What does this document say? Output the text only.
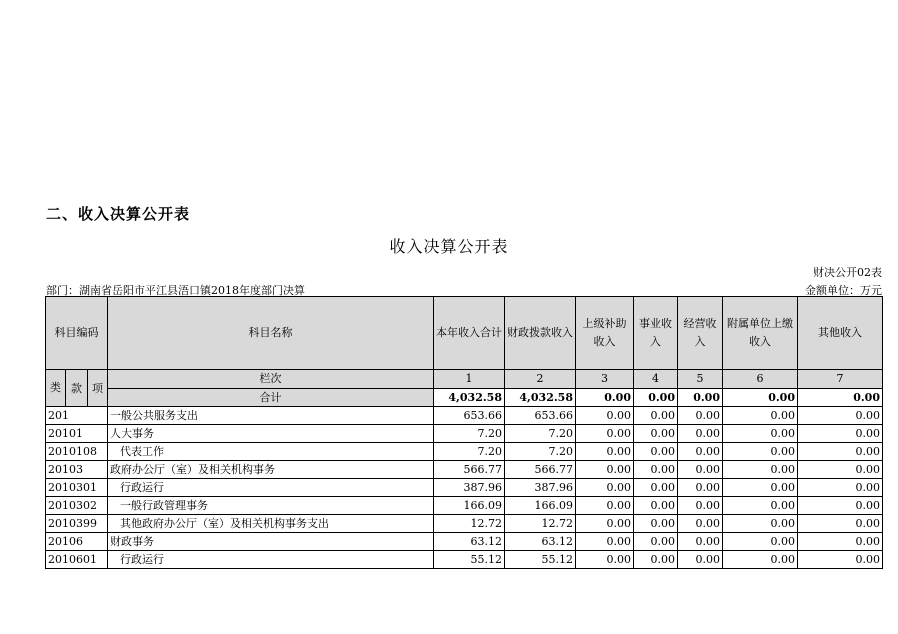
二、收入决算公开表
收入决算公开表
财决公开02表
部门：湖南省岳阳市平江县浯口镇2018年度部门决算	金额单位：万元
科目编码			科目名称	本年收入合计	财政拨款收入	上级补助收入	事业收入	经营收入	附属单位上缴收入	其他收入
类	款	项	栏次	1	2	3	4	5	6	7
			合计	4,032.58	4,032.58	0.00	0.00	0.00	0.00	0.00
201			一般公共服务支出	653.66	653.66	0.00	0.00	0.00	0.00	0.00
20101			人大事务	7.20	7.20	0.00	0.00	0.00	0.00	0.00
2010108			代表工作	7.20	7.20	0.00	0.00	0.00	0.00	0.00
20103			政府办公厅（室）及相关机构事务	566.77	566.77	0.00	0.00	0.00	0.00	0.00
2010301			行政运行	387.96	387.96	0.00	0.00	0.00	0.00	0.00
2010302			一般行政管理事务	166.09	166.09	0.00	0.00	0.00	0.00	0.00
2010399			其他政府办公厅（室）及相关机构事务支出	12.72	12.72	0.00	0.00	0.00	0.00	0.00
20106			财政事务	63.12	63.12	0.00	0.00	0.00	0.00	0.00
2010601			行政运行	55.12	55.12	0.00	0.00	0.00	0.00	0.00
